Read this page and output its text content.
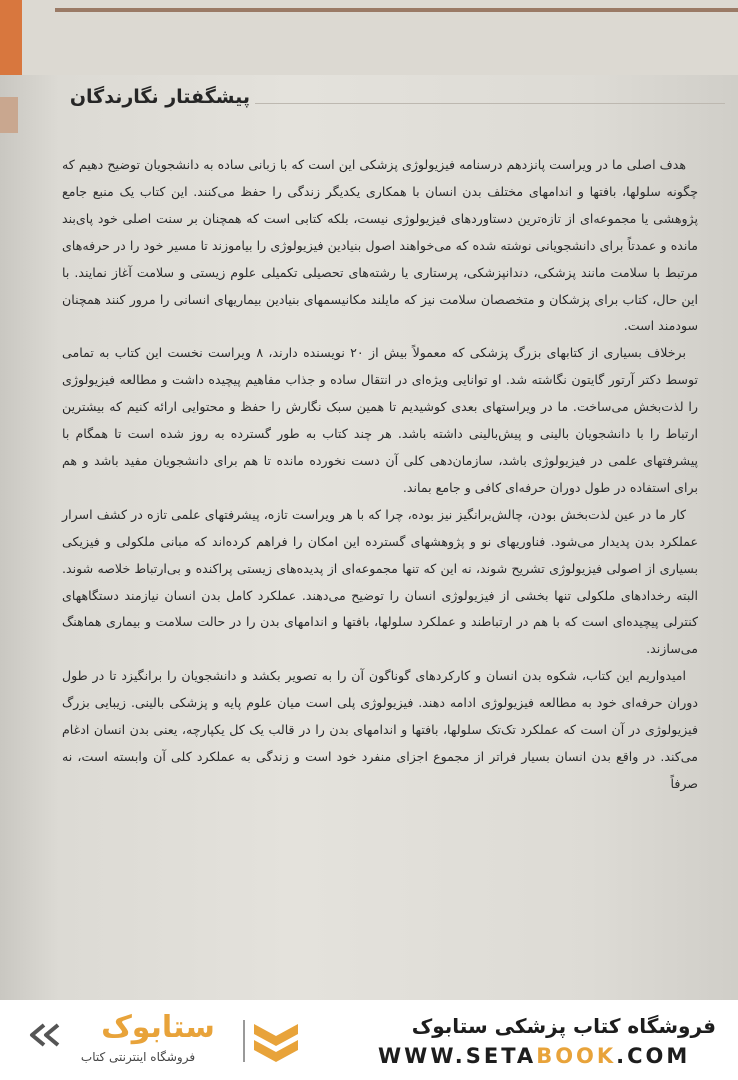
پیشگفتار نگارندگان

هدف اصلی ما در ویراست پانزدهم درسنامه فیزیولوژی پزشکی این است که با زبانی ساده به دانشجویان توضیح دهیم که چگونه سلولها، بافتها و اندامهای مختلف بدن انسان با همکاری یکدیگر زندگی را حفظ می‌کنند. این کتاب یک منبع جامع پژوهشی یا مجموعه‌ای از تازه‌ترین دستاوردهای فیزیولوژی نیست، بلکه کتابی است که همچنان بر سنت اصلی خود پای‌بند مانده و عمدتاً برای دانشجویانی نوشته شده که می‌خواهند اصول بنیادین فیزیولوژی را بیاموزند تا مسیر خود را در حرفه‌های مرتبط با سلامت مانند پزشکی، دندانپزشکی، پرستاری یا رشته‌های تحصیلی تکمیلی علوم زیستی و سلامت آغاز نمایند. با این حال، کتاب برای پزشکان و متخصصان سلامت نیز که مایلند مکانیسمهای بنیادین بیماریهای انسانی را مرور کنند همچنان سودمند است.

برخلاف بسیاری از کتابهای بزرگ پزشکی که معمولاً بیش از ۲۰ نویسنده دارند، ۸ ویراست نخست این کتاب به تمامی توسط دکتر آرتور گایتون نگاشته شد. او توانایی ویژه‌ای در انتقال ساده و جذاب مفاهیم پیچیده داشت و مطالعه فیزیولوژی را لذت‌بخش می‌ساخت. ما در ویراستهای بعدی کوشیدیم تا همین سبک نگارش را حفظ و محتوایی ارائه کنیم که بیشترین ارتباط را با دانشجویان بالینی و پیش‌بالینی داشته باشد. هر چند کتاب به طور گسترده به روز شده است تا همگام با پیشرفتهای علمی در فیزیولوژی باشد، سازمان‌دهی کلی آن دست نخورده مانده تا هم برای دانشجویان مفید باشد و هم برای استفاده در طول دوران حرفه‌ای کافی و جامع بماند.

کار ما در عین لذت‌بخش بودن، چالش‌برانگیز نیز بوده، چرا که با هر ویراست تازه، پیشرفتهای علمی تازه در کشف اسرار عملکرد بدن پدیدار می‌شود. فناوریهای نو و پژوهشهای گسترده این امکان را فراهم کرده‌اند که مبانی ملکولی و فیزیکی بسیاری از اصولی فیزیولوژی تشریح شوند، نه این که تنها مجموعه‌ای از پدیده‌های زیستی پراکنده و بی‌ارتباط خلاصه شوند. البته رخدادهای ملکولی تنها بخشی از فیزیولوژی انسان را توضیح می‌دهند. عملکرد کامل بدن انسان نیازمند دستگاههای کنترلی پیچیده‌ای است که با هم در ارتباطند و عملکرد سلولها، بافتها و اندامهای بدن را در حالت سلامت و بیماری هماهنگ می‌سازند.

امیدواریم این کتاب، شکوه بدن انسان و کارکردهای گوناگون آن را به تصویر بکشد و دانشجویان را برانگیزد تا در طول دوران حرفه‌ای خود به مطالعه فیزیولوژی ادامه دهند. فیزیولوژی پلی است میان علوم پایه و پزشکی بالینی. زیبایی بزرگ فیزیولوژی در آن است که عملکرد تک‌تک سلولها، بافتها و اندامهای بدن را در قالب یک کل یکپارچه، یعنی بدن انسان ادغام می‌کند. در واقع بدن انسان بسیار فراتر از مجموع اجزای منفرد خود است و زندگی به عملکرد کلی آن وابسته است، نه صرفاً

ستابوک
فروشگاه اینترنتی کتاب
فروشگاه کتاب پزشکی ستابوک
WWW.SETABOOK.COM
